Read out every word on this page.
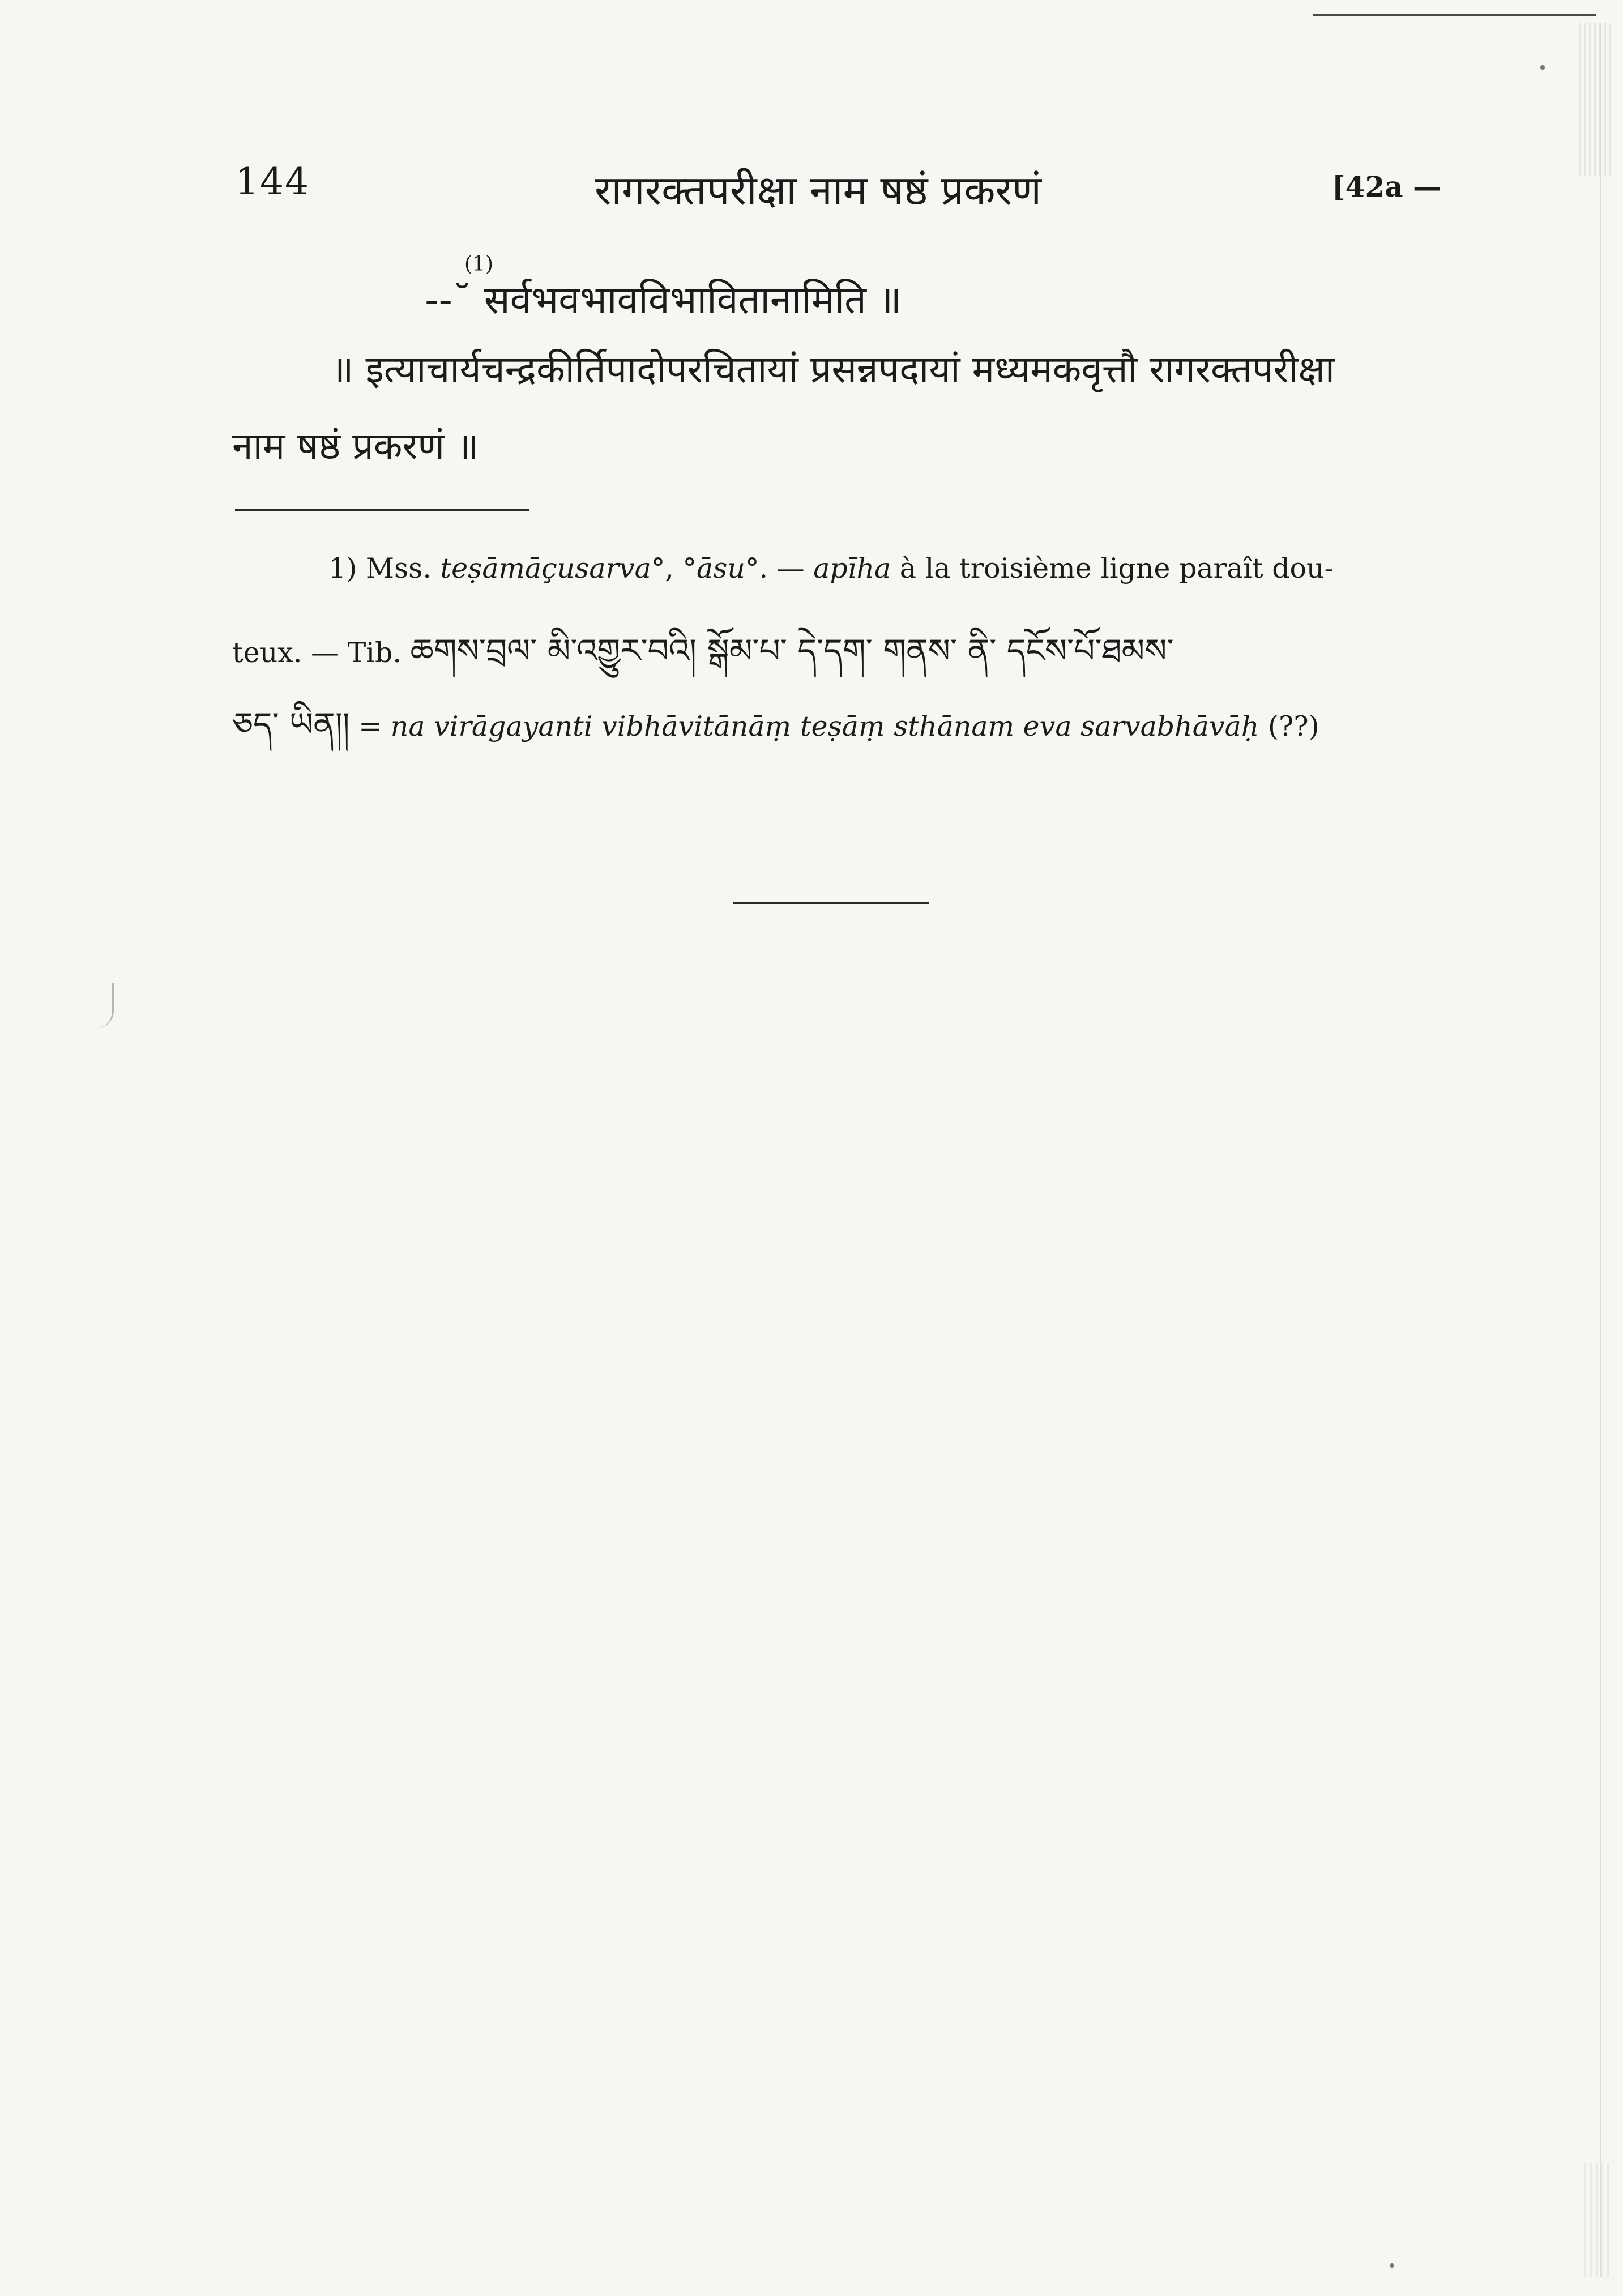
144	रागरक्तपरीक्षा नाम षष्ठं प्रकरणं	[42a —
(1)
--˘ सर्वभवभावविभावितानामिति ॥
॥ इत्याचार्यचन्द्रकीर्तिपादोपरचितायां प्रसन्नपदायां मध्यमकवृत्तौ रागरक्तपरीक्षा
नाम षष्ठं प्रकरणं ॥
1) Mss. teṣāmāçusarva°, °āsu°. — apīha à la troisième ligne paraît dou-
teux. — Tib. ཆགས་བྲལ་ མི་འགྱུར་བའི། སྒོམ་པ་ དེ་དག་ གནས་ ནི་ དངོས་པོ་ཐམས་
ཅད་ ཡིན།། = na virāgayanti vibhāvitānāṃ teṣāṃ sthānam eva sarvabhāvāḥ (??)
